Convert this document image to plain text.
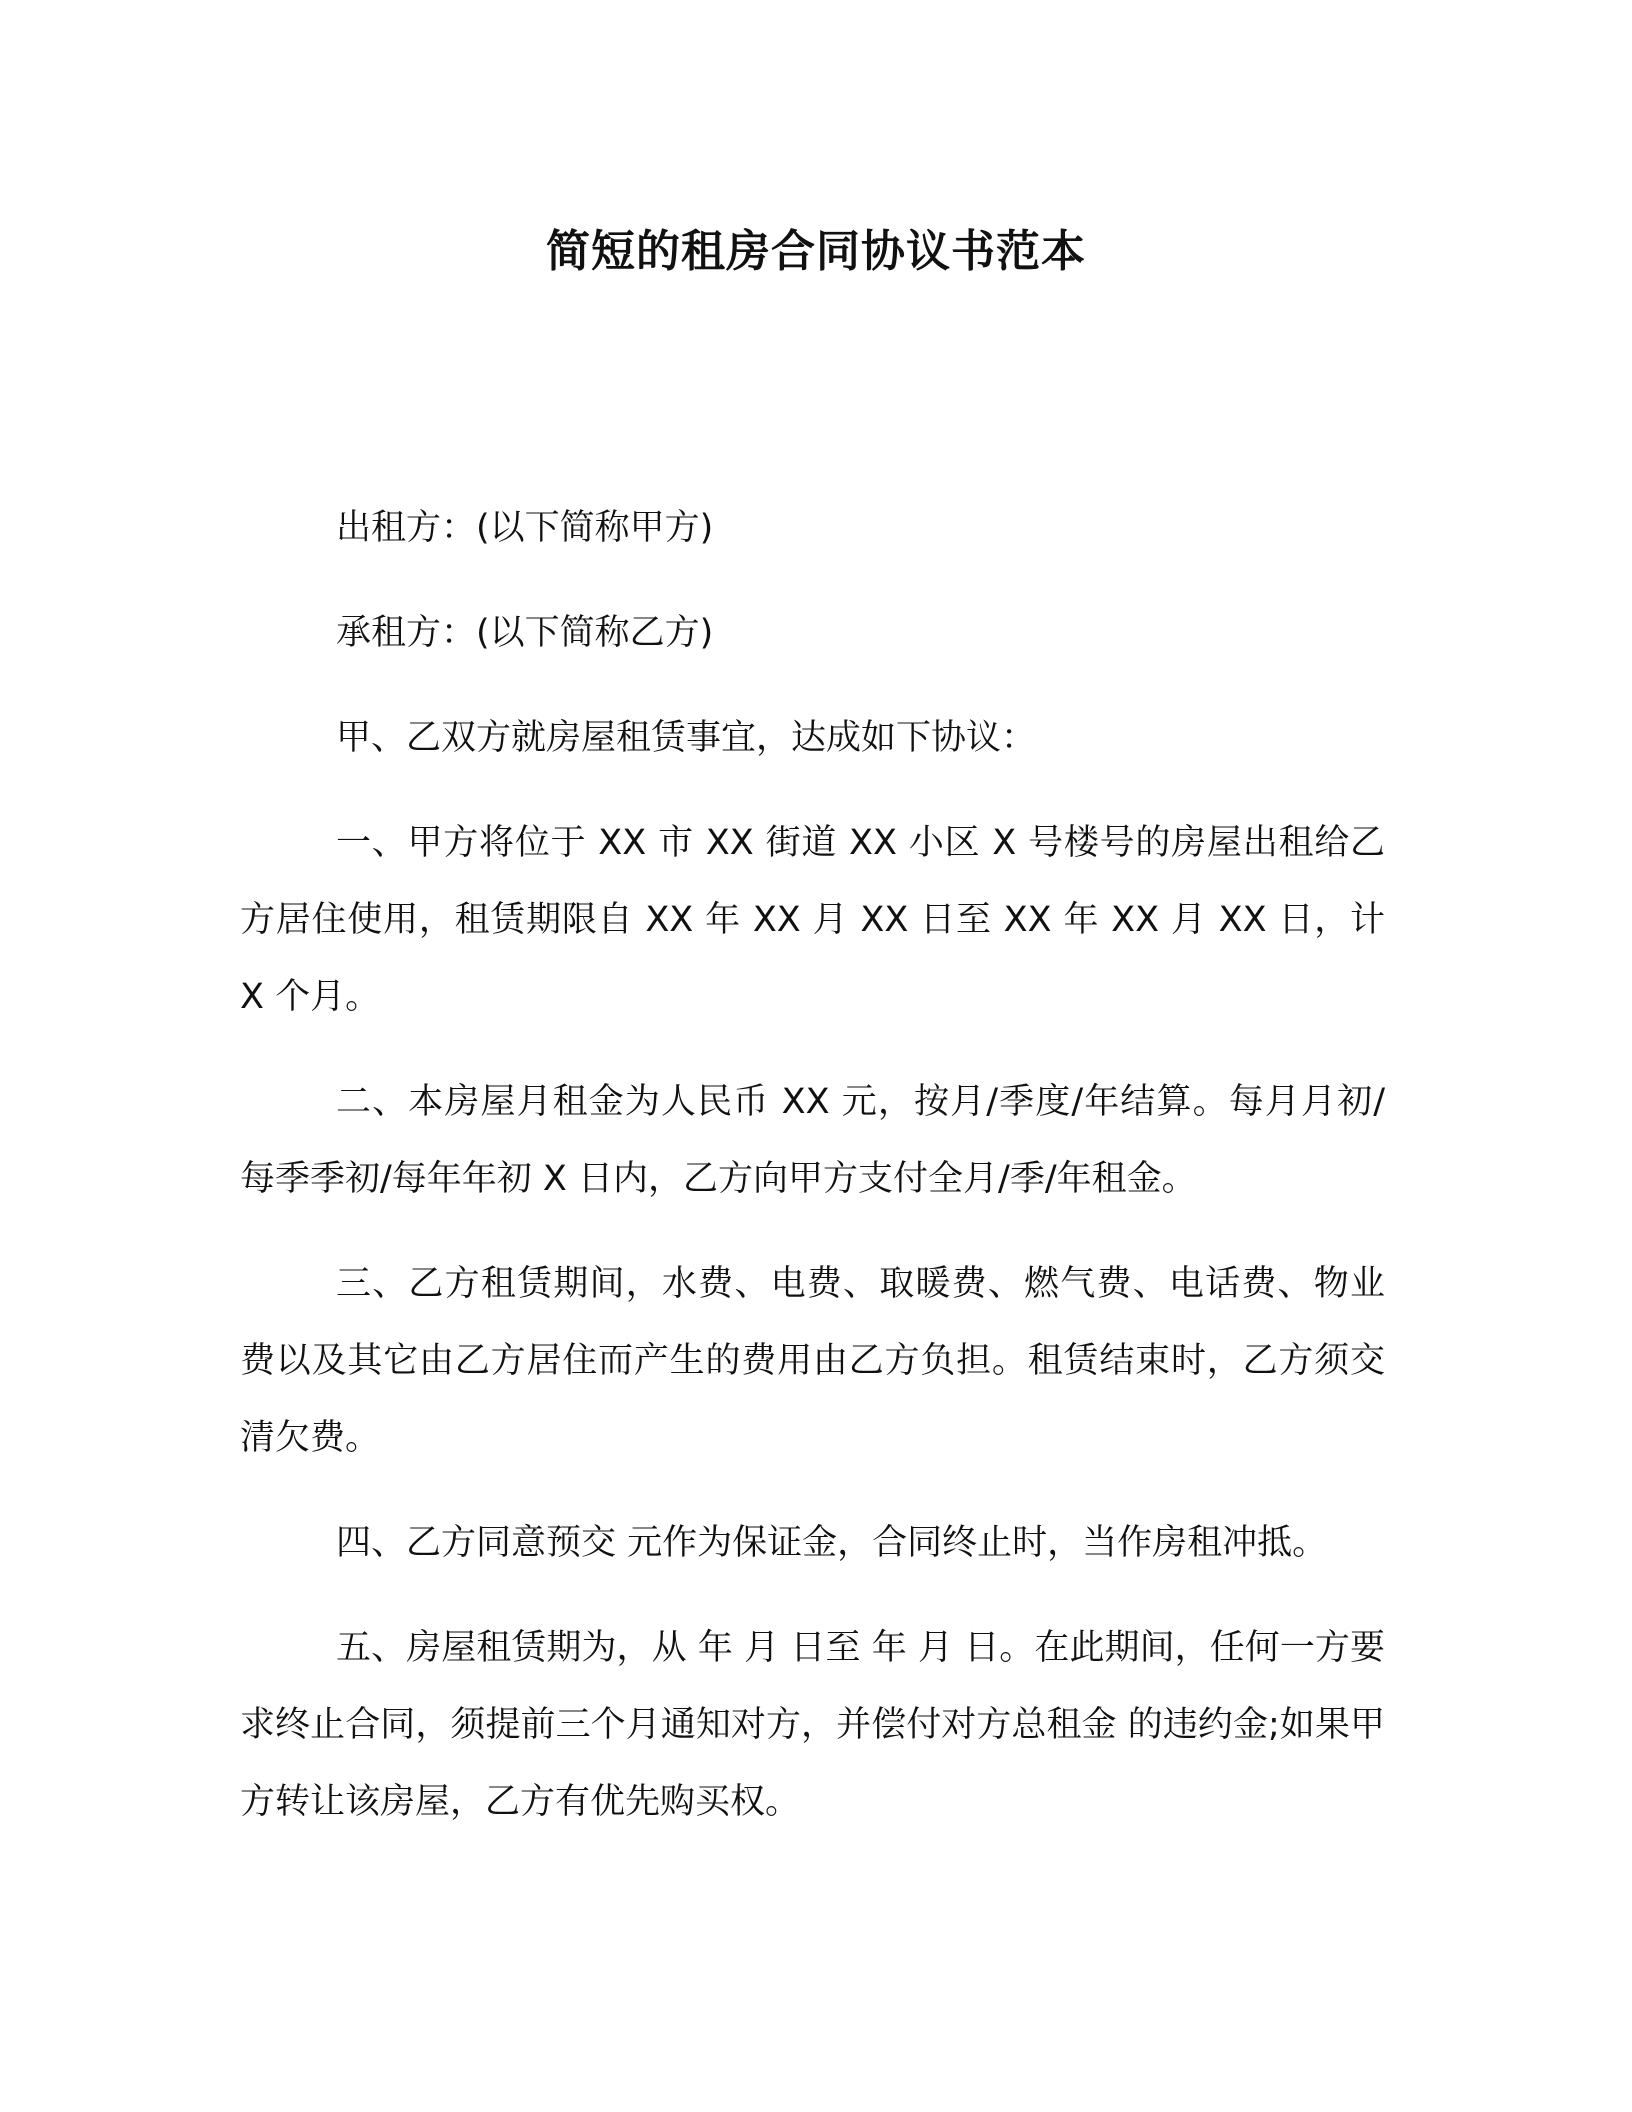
简短的租房合同协议书范本

出租方：(以下简称甲方)

承租方：(以下简称乙方)

甲、乙双方就房屋租赁事宜，达成如下协议：

一、甲方将位于 XX 市 XX 街道 XX 小区 X 号楼号的房屋出租给乙方居住使用，租赁期限自 XX 年 XX 月 XX 日至 XX 年 XX 月 XX 日，计 X 个月。

二、本房屋月租金为人民币 XX 元，按月/季度/年结算。每月月初/每季季初/每年年初 X 日内，乙方向甲方支付全月/季/年租金。

三、乙方租赁期间，水费、电费、取暖费、燃气费、电话费、物业费以及其它由乙方居住而产生的费用由乙方负担。租赁结束时，乙方须交清欠费。

四、乙方同意预交 元作为保证金，合同终止时，当作房租冲抵。

五、房屋租赁期为，从 年 月 日至 年 月 日。在此期间，任何一方要求终止合同，须提前三个月通知对方，并偿付对方总租金 的违约金;如果甲方转让该房屋，乙方有优先购买权。
